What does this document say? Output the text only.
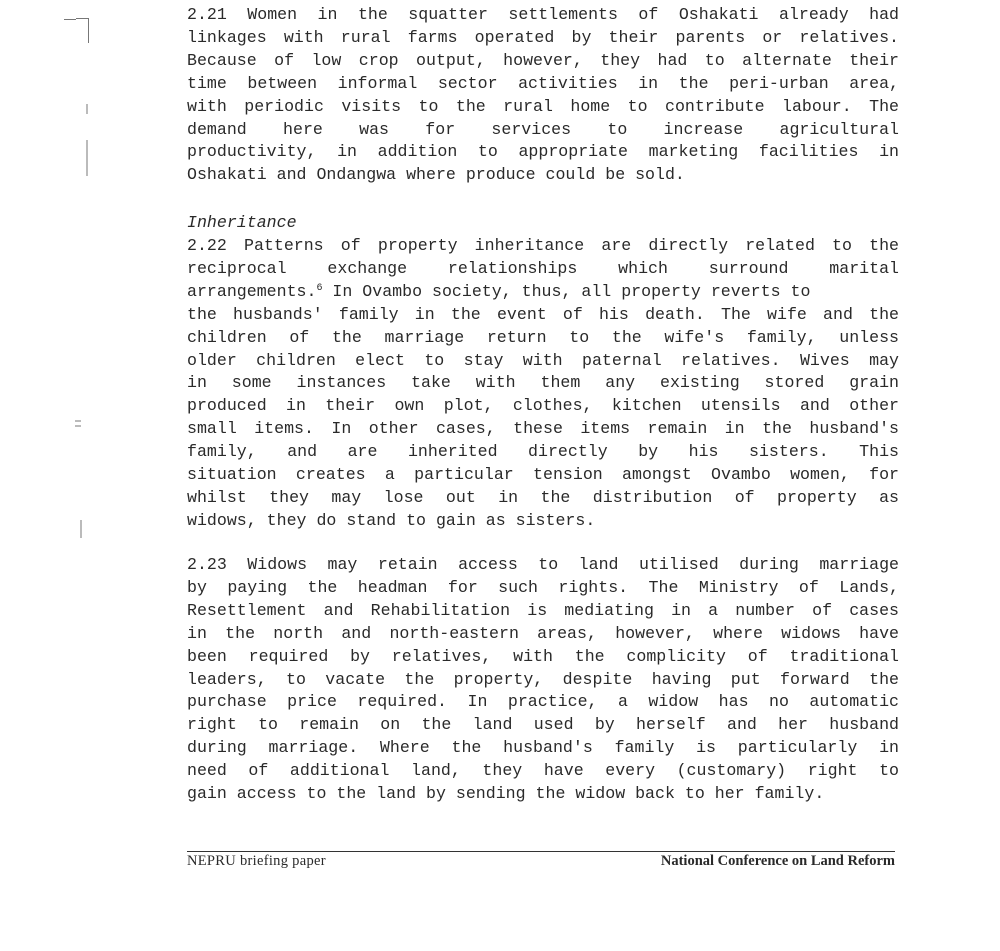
2.21 Women in the squatter settlements of Oshakati already had
linkages with rural farms operated by their parents or relatives.
Because of low crop output, however, they had to alternate their
time between informal sector activities in the peri-urban area,
with periodic visits to the rural home to contribute labour. The
demand here was for services to increase agricultural
productivity, in addition to appropriate marketing facilities in
Oshakati and Ondangwa where produce could be sold.
Inheritance
2.22 Patterns of property inheritance are directly related to the
reciprocal exchange relationships which surround marital
arrangements.$^6$ In Ovambo society, thus, all property reverts to
the husbands' family in the event of his death. The wife and the
children of the marriage return to the wife's family, unless
older children elect to stay with paternal relatives. Wives may
in some instances take with them any existing stored grain
produced in their own plot, clothes, kitchen utensils and other
small items. In other cases, these items remain in the husband's
family, and are inherited directly by his sisters. This
situation creates a particular tension amongst Ovambo women, for
whilst they may lose out in the distribution of property as
widows, they do stand to gain as sisters.
2.23 Widows may retain access to land utilised during marriage
by paying the headman for such rights. The Ministry of Lands,
Resettlement and Rehabilitation is mediating in a number of cases
in the north and north-eastern areas, however, where widows have
been required by relatives, with the complicity of traditional
leaders, to vacate the property, despite having put forward the
purchase price required. In practice, a widow has no automatic
right to remain on the land used by herself and her husband
during marriage. Where the husband's family is particularly in
need of additional land, they have every (customary) right to
gain access to the land by sending the widow back to her family.
NEPRU briefing paper	National Conference on Land Reform
